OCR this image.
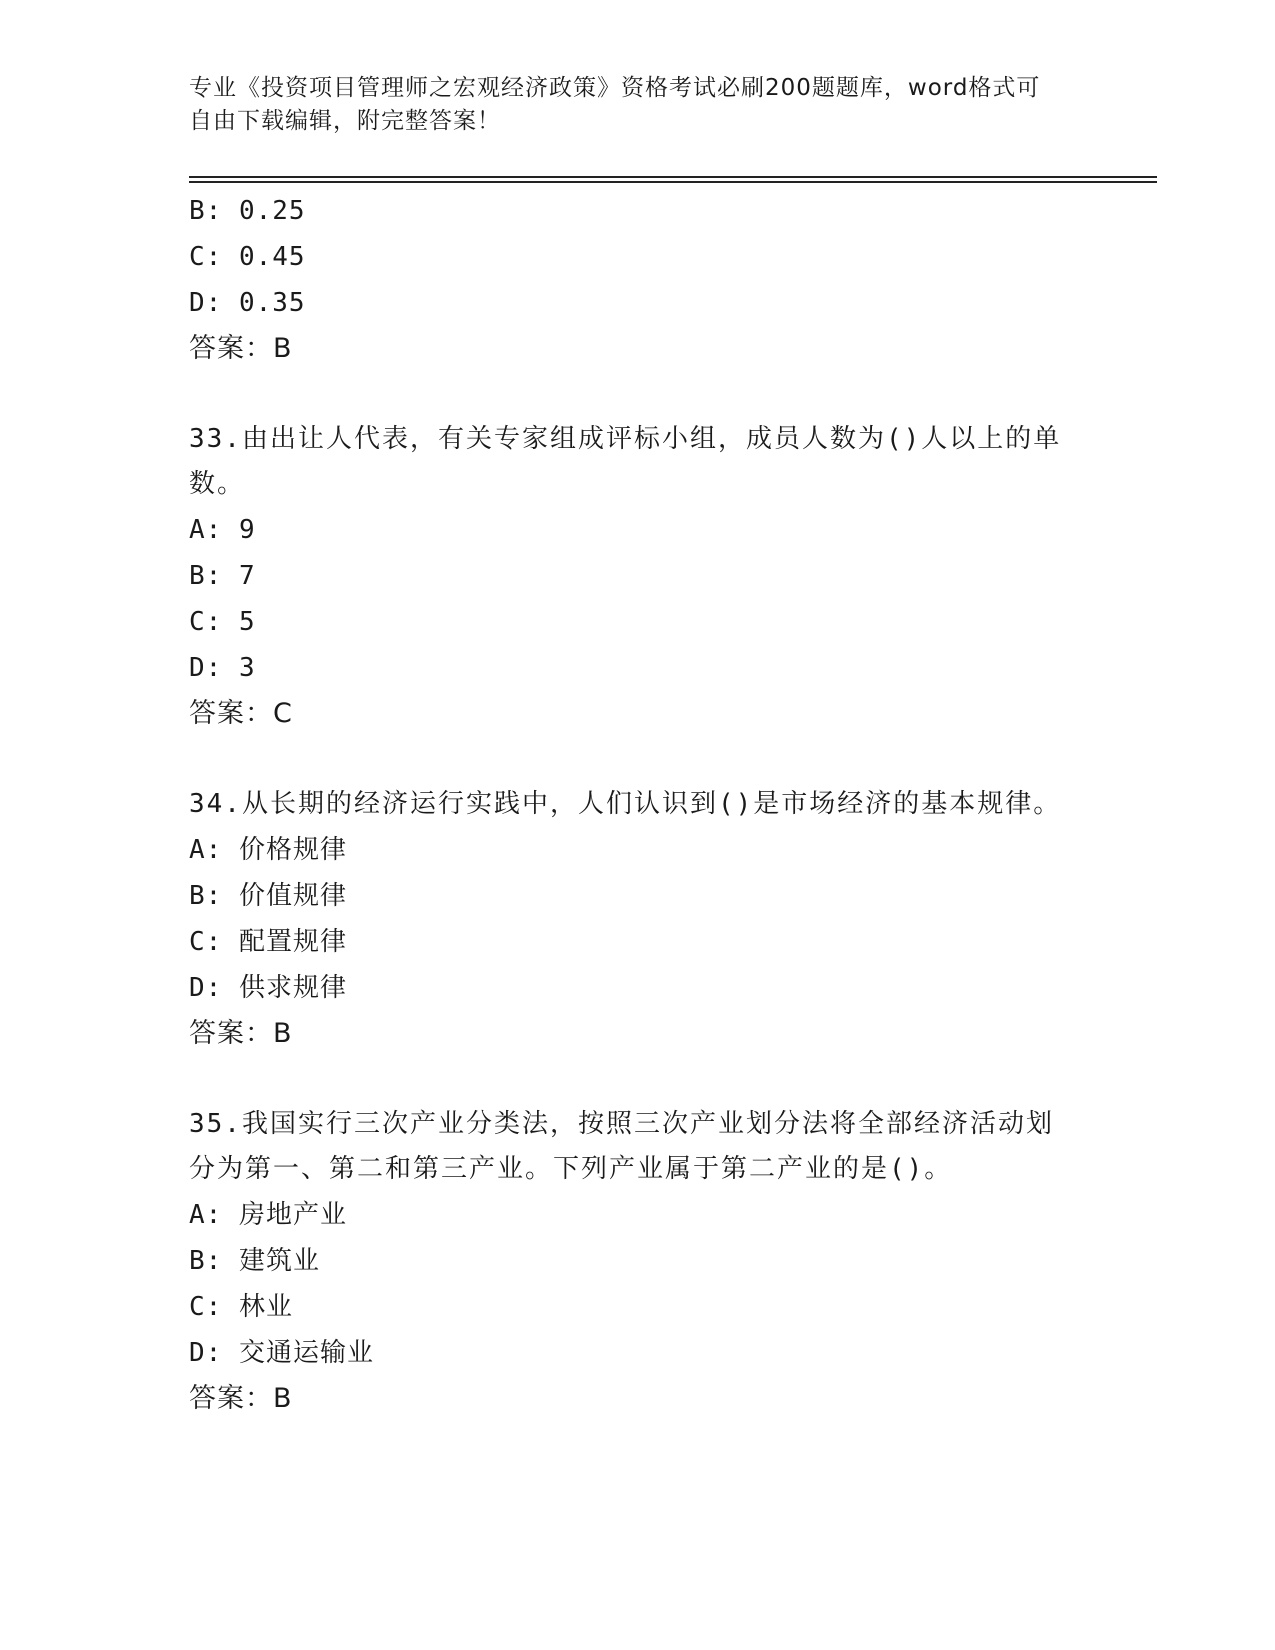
专业《投资项目管理师之宏观经济政策》资格考试必刷200题题库，word格式可
自由下载编辑，附完整答案！
B: 0.25
C: 0.45
D: 0.35
答案：B
33.由出让人代表，有关专家组成评标小组，成员人数为()人以上的单
数。
A: 9
B: 7
C: 5
D: 3
答案：C
34.从长期的经济运行实践中，人们认识到()是市场经济的基本规律。
A: 价格规律
B: 价值规律
C: 配置规律
D: 供求规律
答案：B
35.我国实行三次产业分类法，按照三次产业划分法将全部经济活动划
分为第一、第二和第三产业。下列产业属于第二产业的是()。
A: 房地产业
B: 建筑业
C: 林业
D: 交通运输业
答案：B
